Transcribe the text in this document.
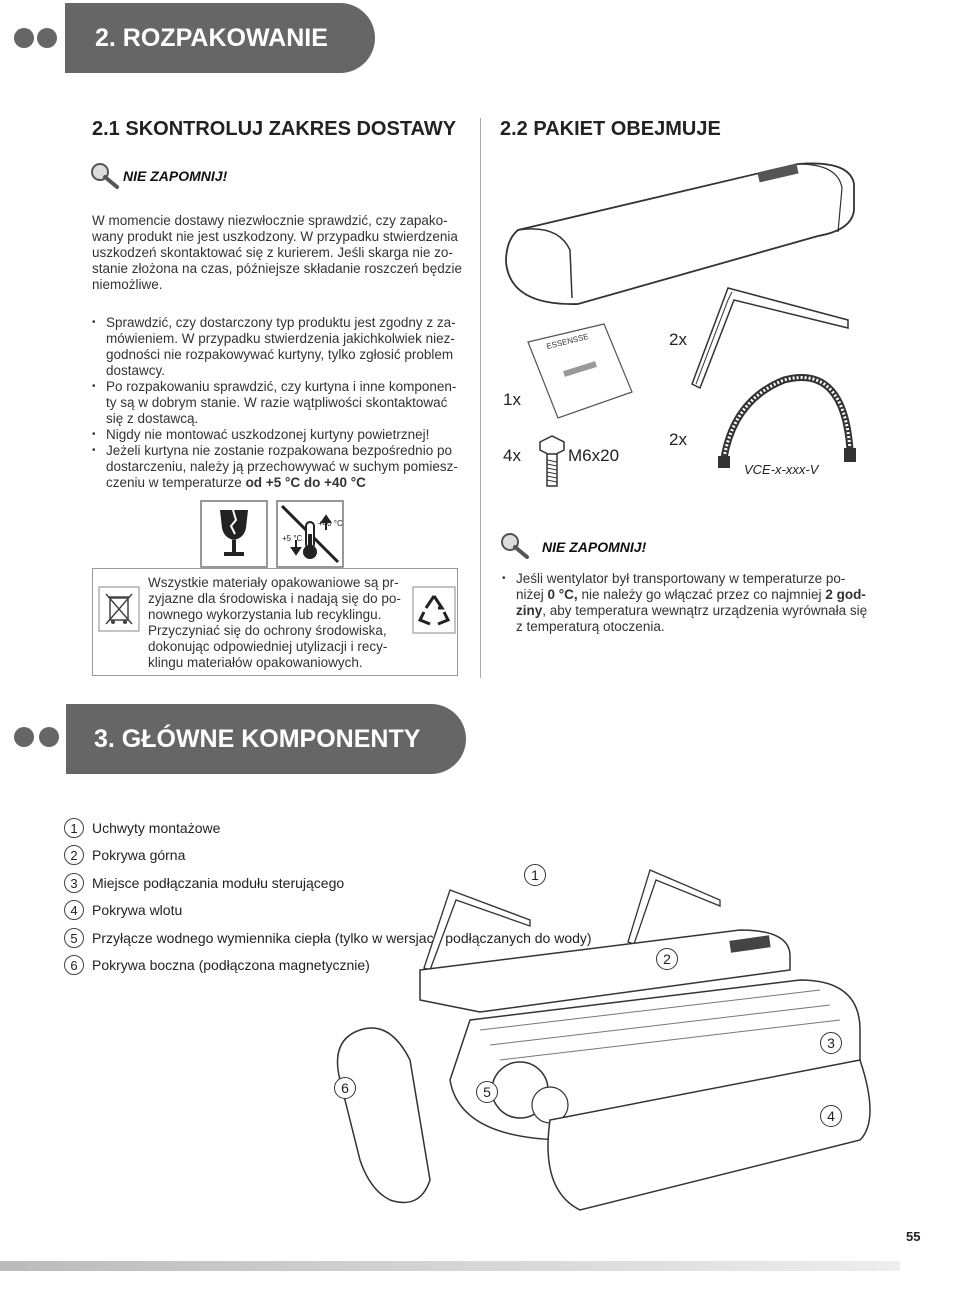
2. ROZPAKOWANIE
2.1 SKONTROLUJ ZAKRES DOSTAWY
NIE ZAPOMNIJ!
W momencie dostawy niezwłocznie sprawdzić, czy zapako-
wany produkt nie jest uszkodzony. W przypadku stwierdzenia
uszkodzeń skontaktować się z kurierem. Jeśli skarga nie zo-
stanie złożona na czas, późniejsze składanie roszczeń będzie
niemożliwe.
• Sprawdzić, czy dostarczony typ produktu jest zgodny z za-
mówieniem. W przypadku stwierdzenia jakichkolwiek niez-
godności nie rozpakowywać kurtyny, tylko zgłosić problem
dostawcy.
• Po rozpakowaniu sprawdzić, czy kurtyna i inne komponen-
ty są w dobrym stanie. W razie wątpliwości skontaktować
się z dostawcą.
• Nigdy nie montować uszkodzonej kurtyny powietrznej!
• Jeżeli kurtyna nie zostanie rozpakowana bezpośrednio po
dostarczeniu, należy ją przechowywać w suchym pomiesz-
czeniu w temperaturze od +5 °C do +40 °C
+40 °C
+5 °C
Wszystkie materiały opakowaniowe są pr-
zyjazne dla środowiska i nadają się do po-
nownego wykorzystania lub recyklingu.
Przyczyniać się do ochrony środowiska,
dokonując odpowiedniej utylizacji i recy-
klingu materiałów opakowaniowych.
2.2 PAKIET OBEJMUJE
ESSENSSE	2x
1x
2x
4x	M6x20
VCE-x-xxx-V
NIE ZAPOMNIJ!
• Jeśli wentylator był transportowany w temperaturze po-
niżej 0 °C, nie należy go włączać przez co najmniej 2 god-
ziny, aby temperatura wewnątrz urządzenia wyrównała się
z temperaturą otoczenia.
3. GŁÓWNE KOMPONENTY
1	Uchwyty montażowe
2	Pokrywa górna
3	Miejsce podłączania modułu sterującego
4	Pokrywa wlotu
5	Przyłącze wodnego wymiennika ciepła (tylko w wersjach podłączanych do wody)
6	Pokrywa boczna (podłączona magnetycznie)
1
2
3
4
5
6
55
